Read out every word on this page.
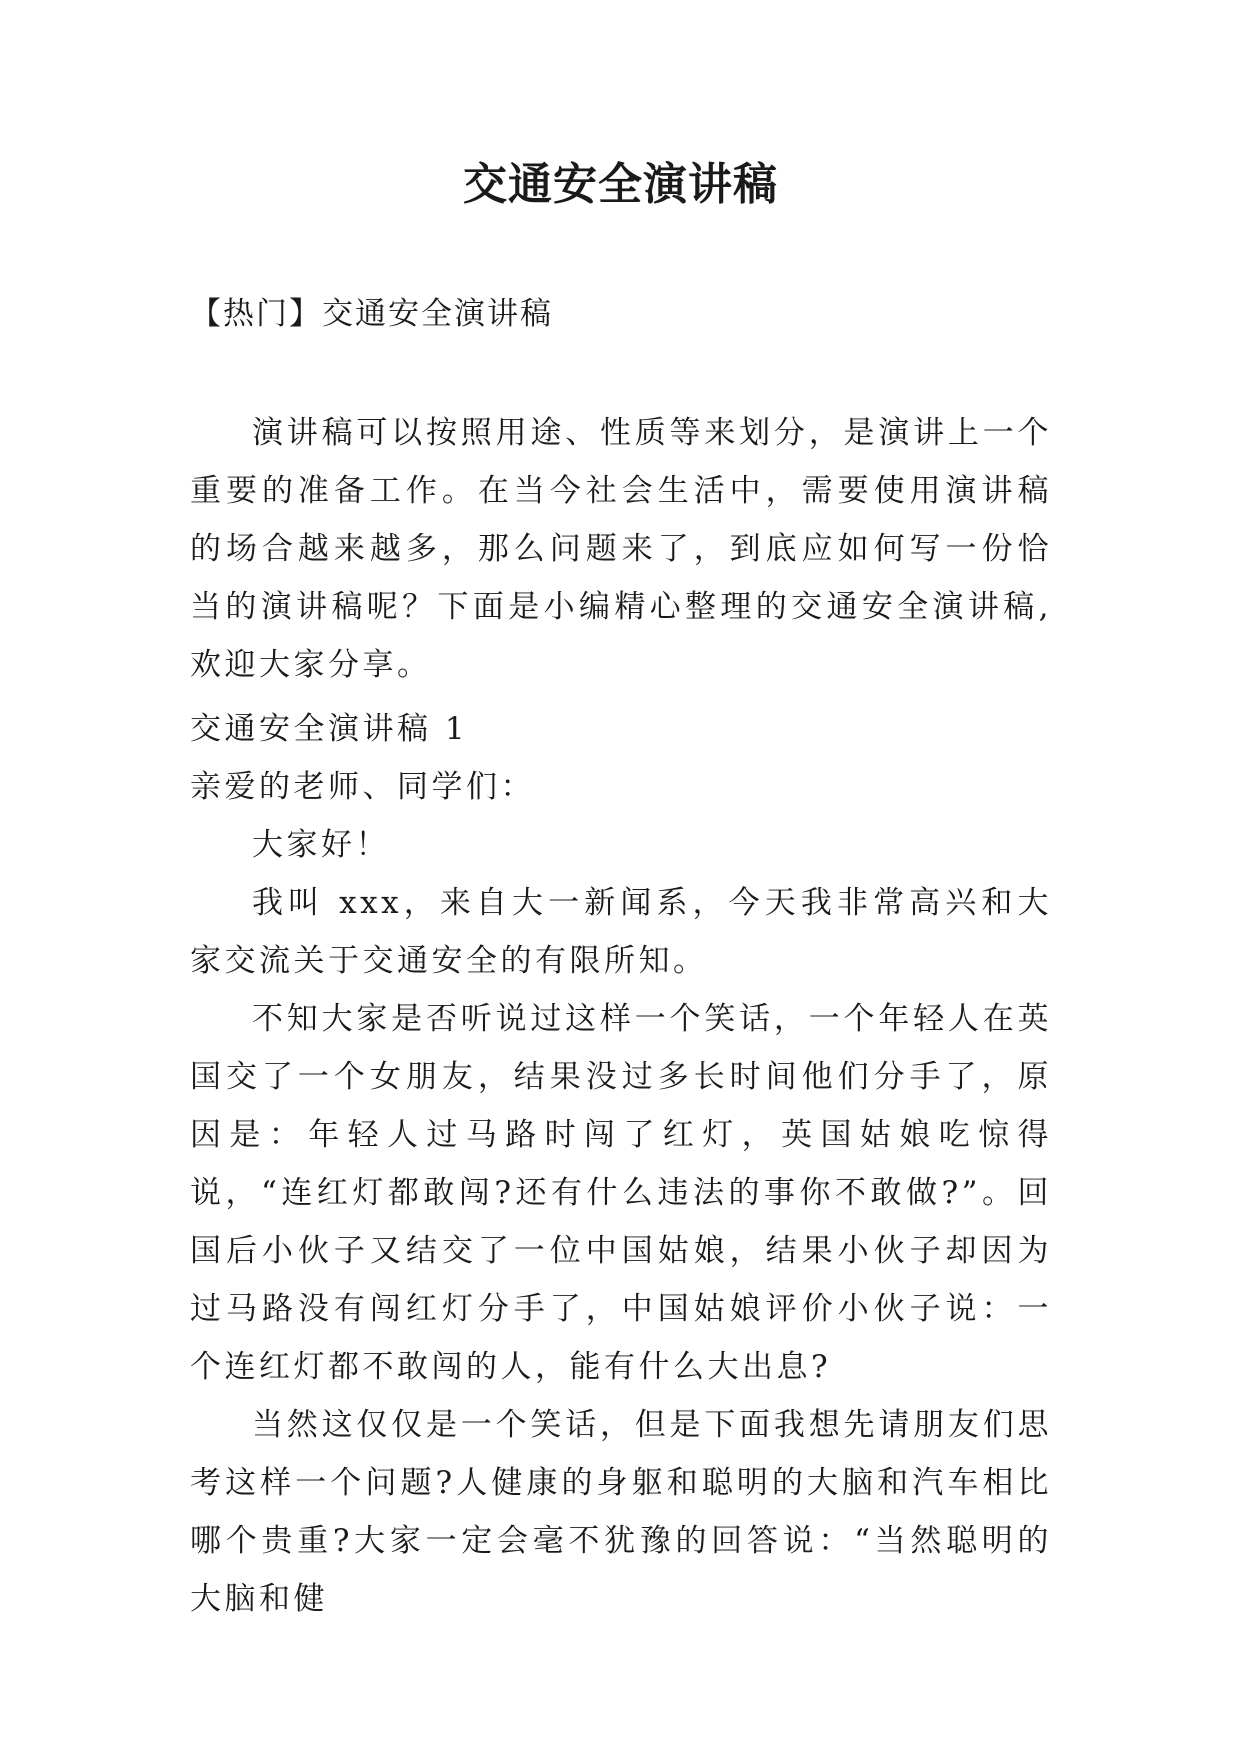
交通安全演讲稿

【热门】交通安全演讲稿

演讲稿可以按照用途、性质等来划分，是演讲上一个重要的准备工作。在当今社会生活中，需要使用演讲稿的场合越来越多，那么问题来了，到底应如何写一份恰当的演讲稿呢？下面是小编精心整理的交通安全演讲稿,欢迎大家分享。

交通安全演讲稿 1

亲爱的老师、同学们：

大家好！

我叫 xxx，来自大一新闻系，今天我非常高兴和大家交流关于交通安全的有限所知。

不知大家是否听说过这样一个笑话，一个年轻人在英国交了一个女朋友，结果没过多长时间他们分手了，原因是：年轻人过马路时闯了红灯，英国姑娘吃惊得说，“连红灯都敢闯?还有什么违法的事你不敢做?”。回国后小伙子又结交了一位中国姑娘，结果小伙子却因为过马路没有闯红灯分手了，中国姑娘评价小伙子说：一个连红灯都不敢闯的人，能有什么大出息?

当然这仅仅是一个笑话，但是下面我想先请朋友们思考这样一个问题?人健康的身躯和聪明的大脑和汽车相比哪个贵重?大家一定会毫不犹豫的回答说：“当然聪明的大脑和健
